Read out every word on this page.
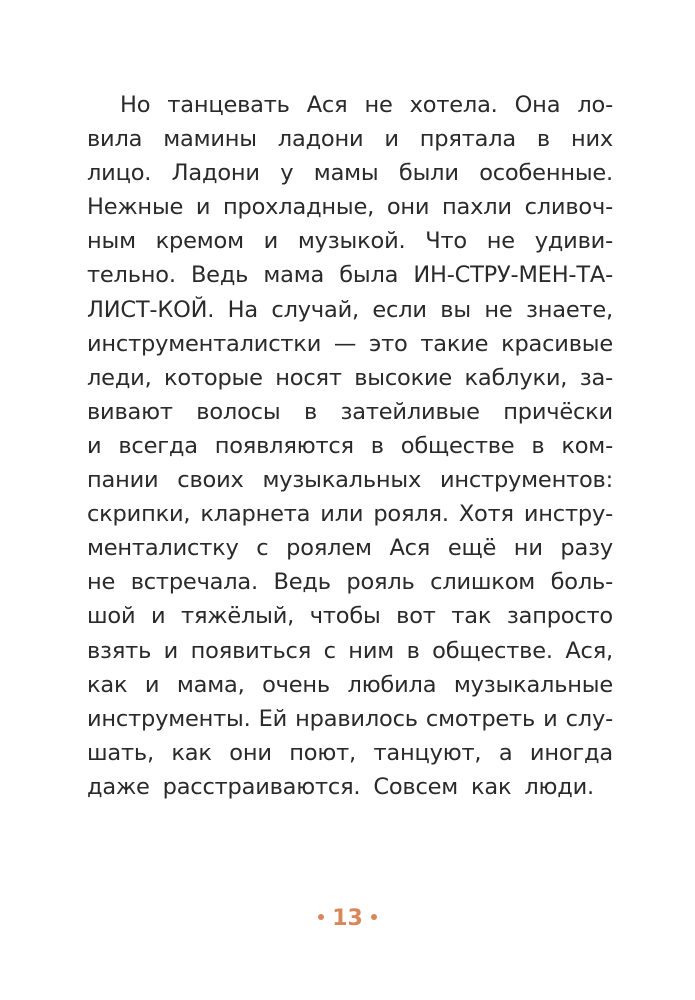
Но танцевать Ася не хотела. Она ло-
вила мамины ладони и прятала в них
лицо. Ладони у мамы были особенные.
Нежные и прохладные, они пахли сливоч-
ным кремом и музыкой. Что не удиви-
тельно. Ведь мама была ИН-СТРУ-МЕН-ТА-
ЛИСТ-КОЙ. На случай, если вы не знаете,
инструменталистки — это такие красивые
леди, которые носят высокие каблуки, за-
вивают волосы в затейливые причёски
и всегда появляются в обществе в ком-
пании своих музыкальных инструментов:
скрипки, кларнета или рояля. Хотя инстру-
менталистку с роялем Ася ещё ни разу
не встречала. Ведь рояль слишком боль-
шой и тяжёлый, чтобы вот так запросто
взять и появиться с ним в обществе. Ася,
как и мама, очень любила музыкальные
инструменты. Ей нравилось смотреть и слу-
шать, как они поют, танцуют, а иногда
даже расстраиваются. Совсем как люди.
13
